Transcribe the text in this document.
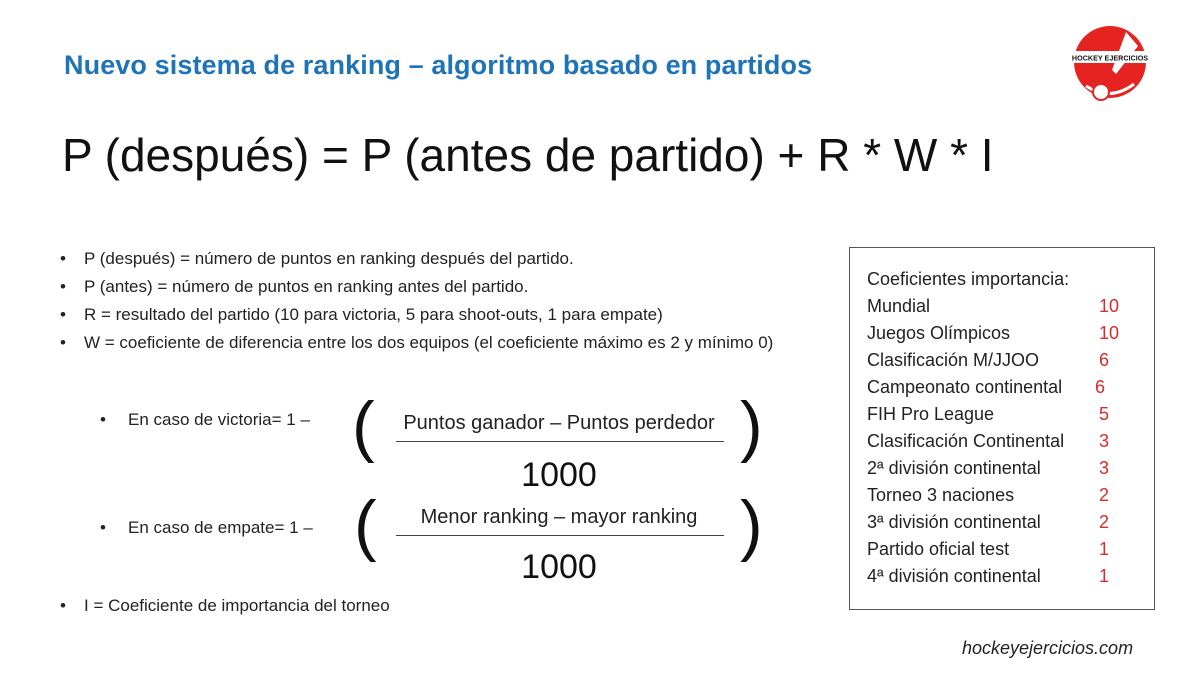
Nuevo sistema de ranking – algoritmo basado en partidos	HOCKEY EJERCICIOS
P (después) = P (antes de partido) + R * W * I
• P (después) = número de puntos en ranking después del partido.
• P (antes) = número de puntos en ranking antes del partido.
• R = resultado del partido (10 para victoria, 5 para shoot-outs, 1 para empate)
• W = coeficiente de diferencia entre los dos equipos (el coeficiente máximo es 2 y mínimo 0)
• En caso de victoria= 1 – (	Puntos ganador – Puntos perdedor
1000
)
• En caso de empate= 1 – (	Menor ranking – mayor ranking
1000
)
• I = Coeficiente de importancia del torneo
Coeficientes importancia:
Mundial	10
Juegos Olímpicos	10
Clasificación M/JJOO	6
Campeonato continental 6
FIH Pro League	5
Clasificación Continental 3
2ª división continental	3
Torneo 3 naciones	2
3ª división continental	2
Partido oficial test	1
4ª división continental	1
hockeyejercicios.com
